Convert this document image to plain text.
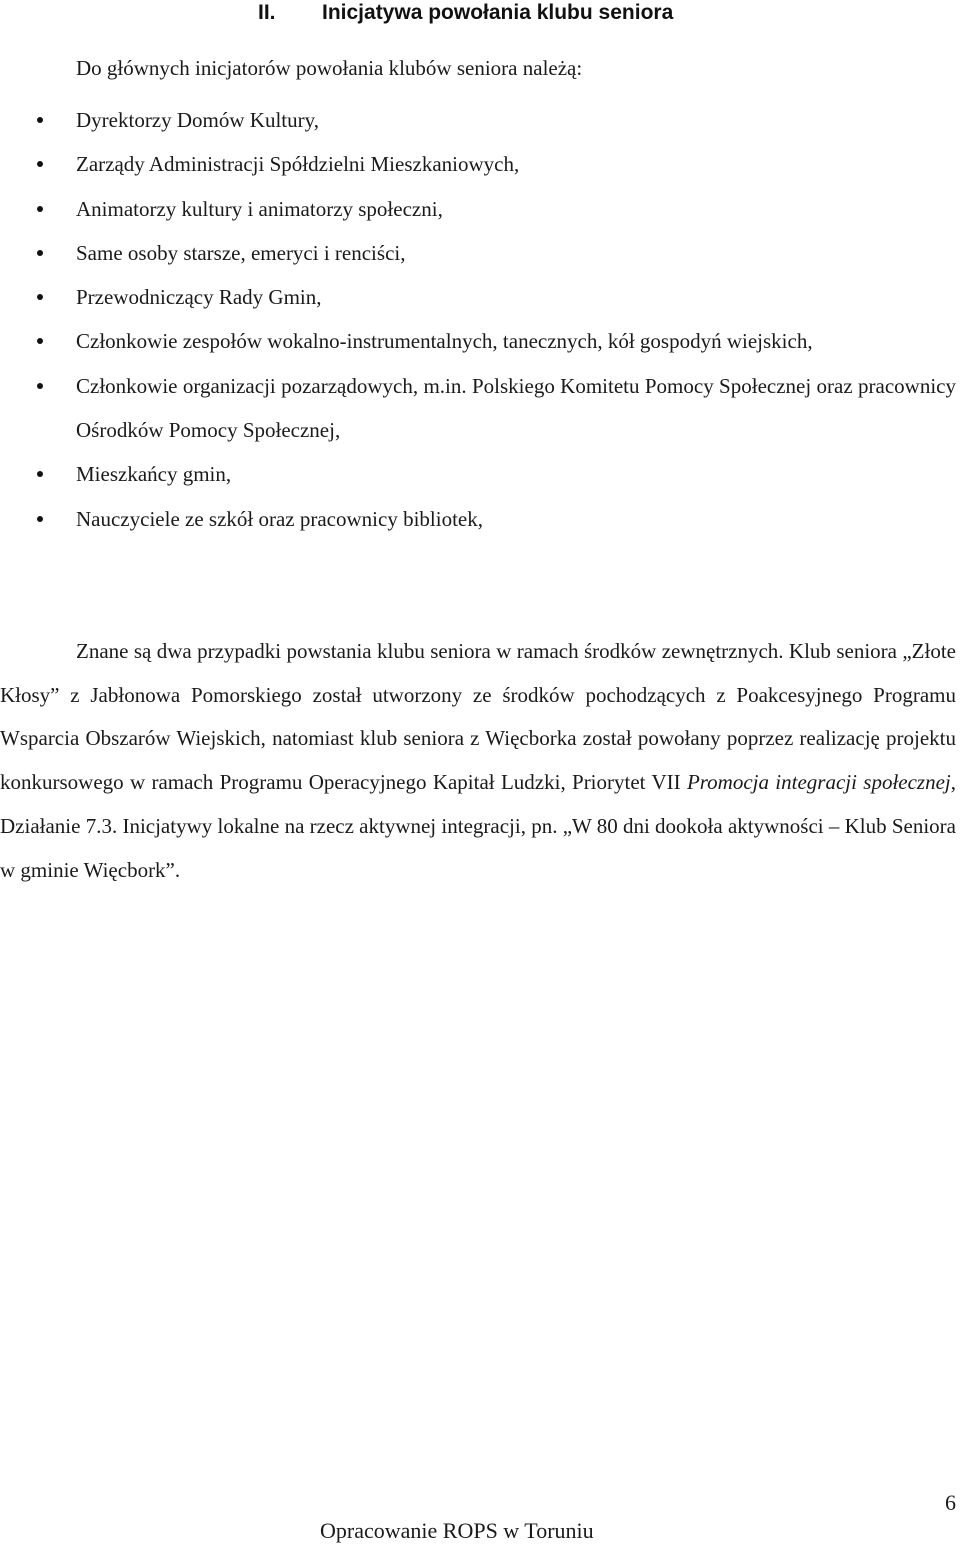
II.	Inicjatywa powołania klubu seniora
Do głównych inicjatorów powołania klubów seniora należą:
Dyrektorzy Domów Kultury,
Zarządy Administracji Spółdzielni Mieszkaniowych,
Animatorzy kultury i animatorzy społeczni,
Same osoby starsze, emeryci i renciści,
Przewodniczący Rady Gmin,
Członkowie zespołów wokalno-instrumentalnych, tanecznych, kół gospodyń wiejskich,
Członkowie organizacji pozarządowych, m.in. Polskiego Komitetu Pomocy Społecznej oraz pracownicy Ośrodków Pomocy Społecznej,
Mieszkańcy gmin,
Nauczyciele ze szkół oraz pracownicy bibliotek,

Znane są dwa przypadki powstania klubu seniora w ramach środków zewnętrznych. Klub seniora „Złote Kłosy” z Jabłonowa Pomorskiego został utworzony ze środków pochodzących z Poakcesyjnego Programu Wsparcia Obszarów Wiejskich, natomiast klub seniora z Więcborka został powołany poprzez realizację projektu konkursowego w ramach Programu Operacyjnego Kapitał Ludzki, Priorytet VII Promocja integracji społecznej, Działanie 7.3. Inicjatywy lokalne na rzecz aktywnej integracji, pn. „W 80 dni dookoła aktywności – Klub Seniora w gminie Więcbork”.

6
Opracowanie ROPS w Toruniu
